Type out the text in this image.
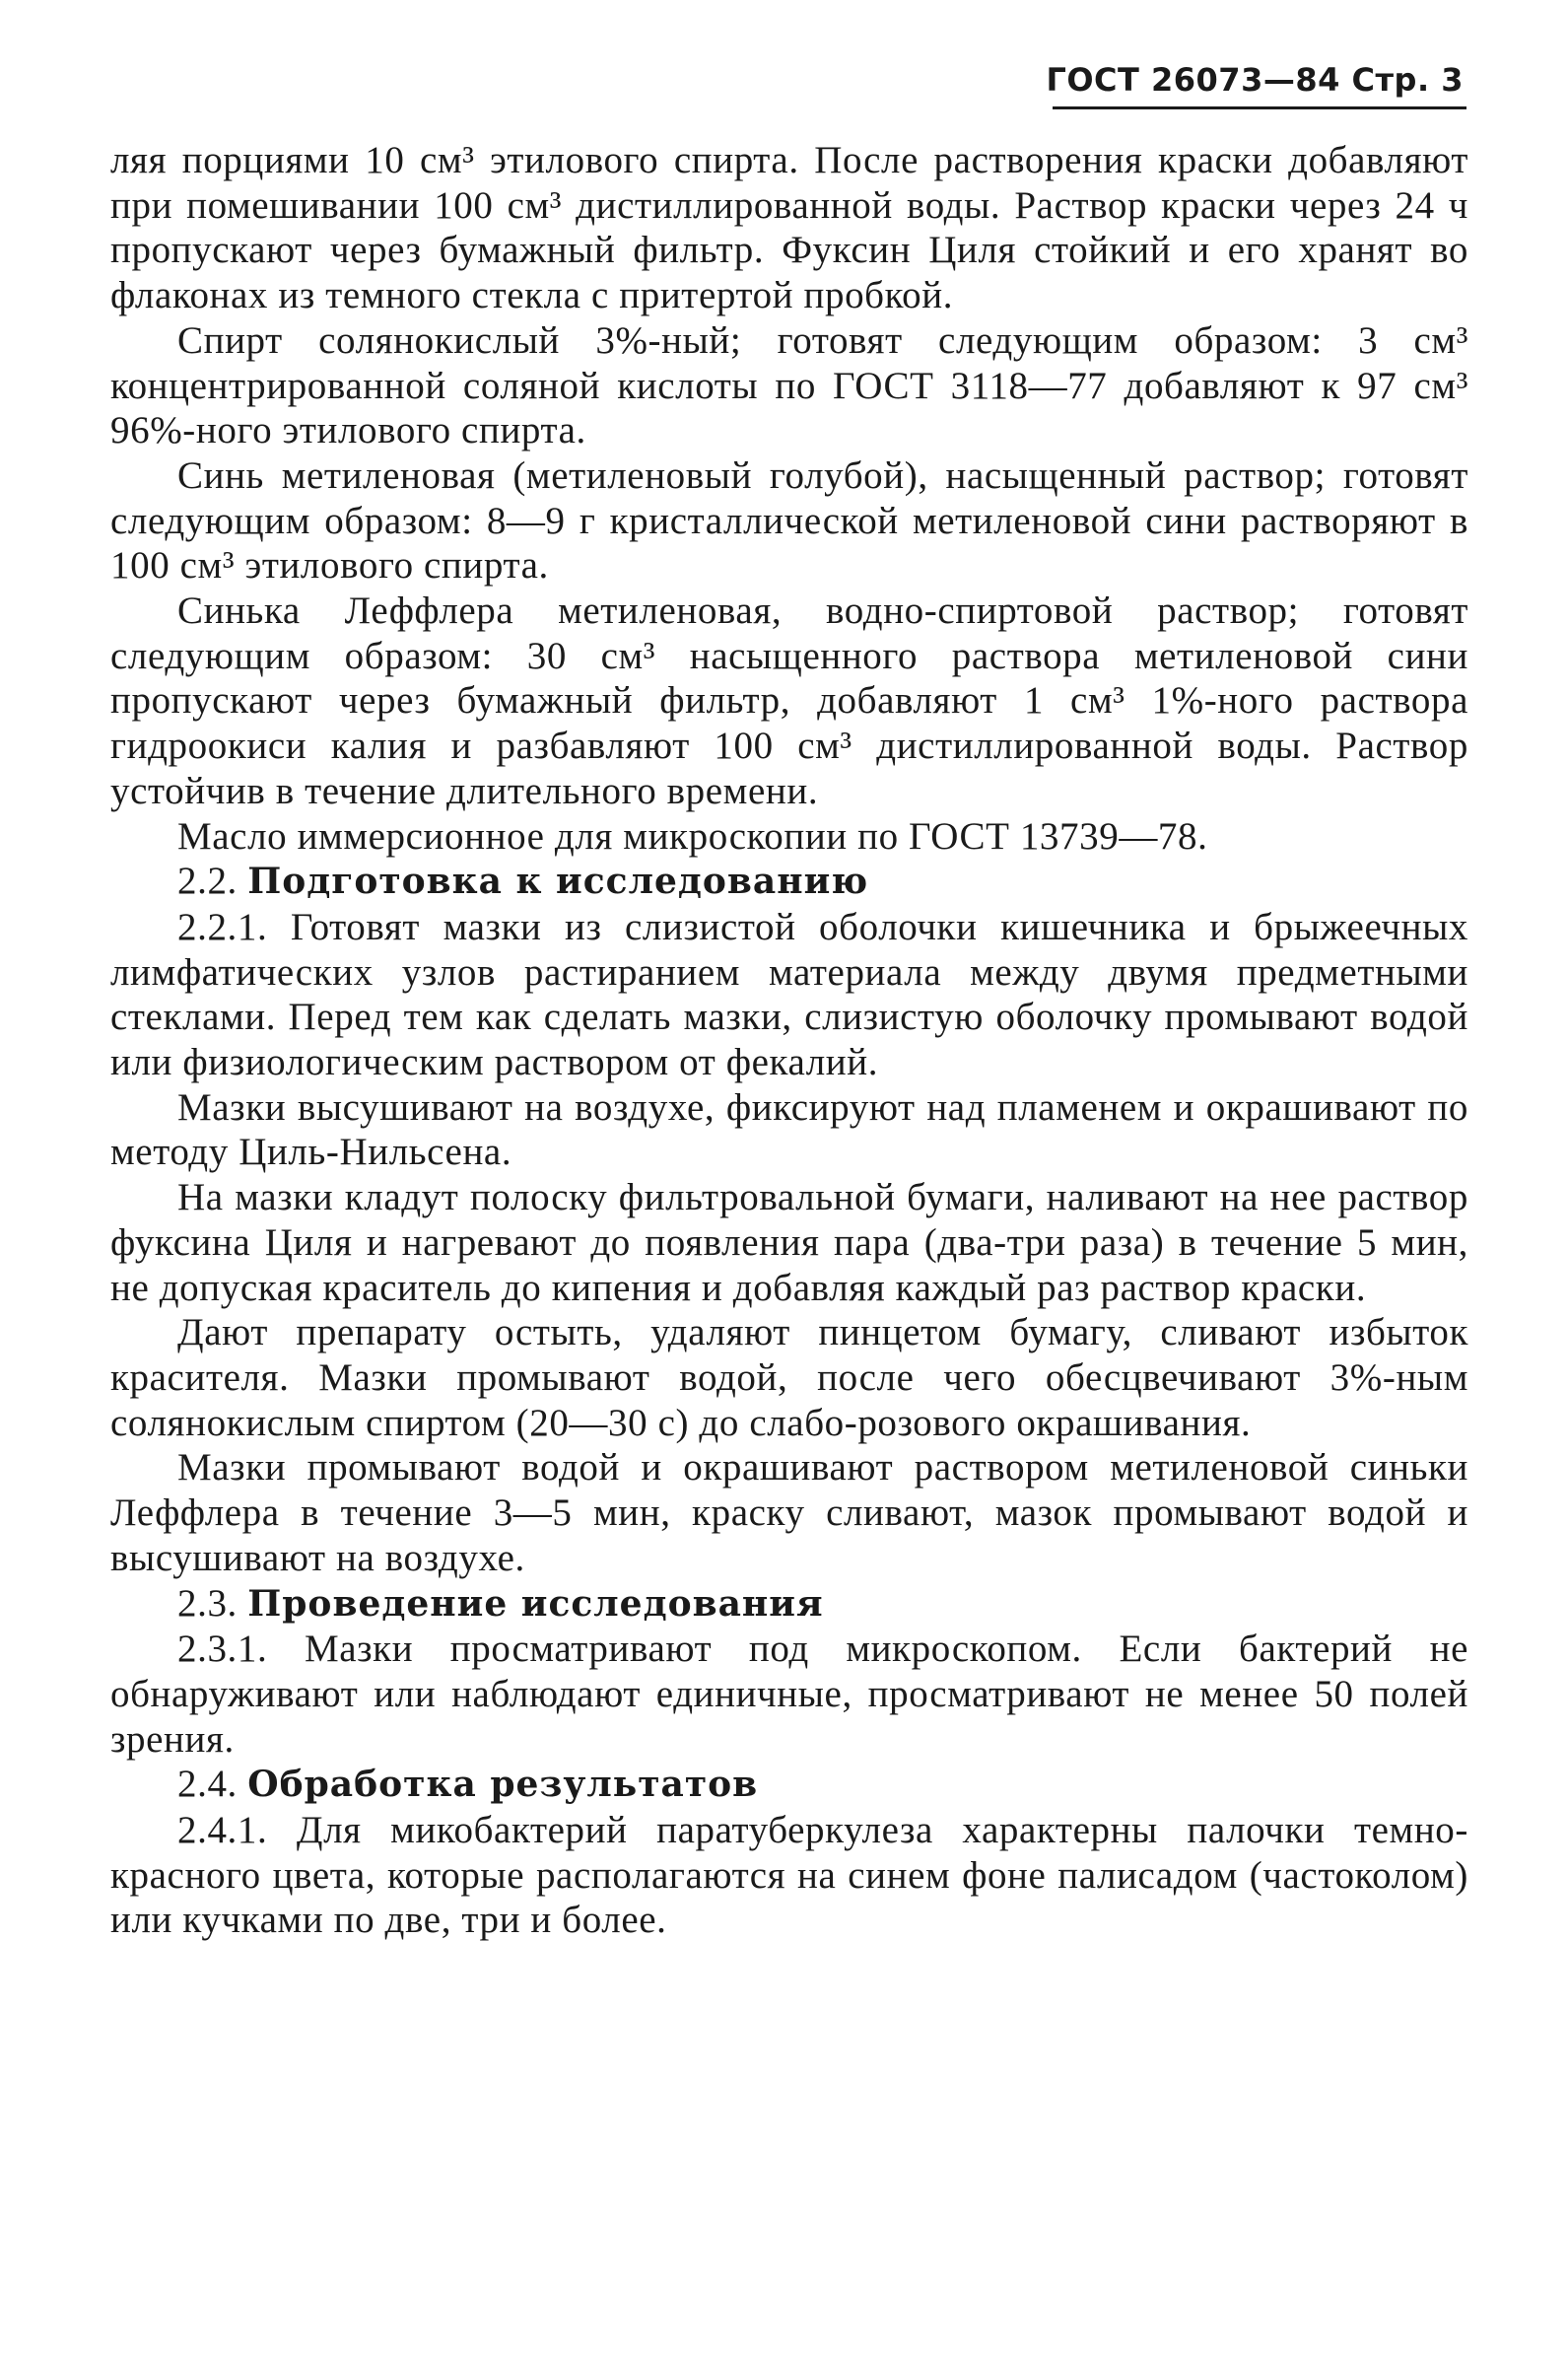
ГОСТ 26073—84 Стр. 3

ляя порциями 10 см³ этилового спирта. После растворения краски добавляют при помешивании 100 см³ дистиллированной воды. Раствор краски через 24 ч пропускают через бумажный фильтр. Фуксин Циля стойкий и его хранят во флаконах из темного стекла с притертой пробкой.

Спирт солянокислый 3%-ный; готовят следующим образом: 3 см³ концентрированной соляной кислоты по ГОСТ 3118—77 добавляют к 97 см³ 96%-ного этилового спирта.

Синь метиленовая (метиленовый голубой), насыщенный раствор; готовят следующим образом: 8—9 г кристаллической метиленовой сини растворяют в 100 см³ этилового спирта.

Синька Леффлера метиленовая, водно-спиртовой раствор; готовят следующим образом: 30 см³ насыщенного раствора метиленовой сини пропускают через бумажный фильтр, добавляют 1 см³ 1%-ного раствора гидроокиси калия и разбавляют 100 см³ дистиллированной воды. Раствор устойчив в течение длительного времени.

Масло иммерсионное для микроскопии по ГОСТ 13739—78.

2.2. Подготовка к исследованию

2.2.1. Готовят мазки из слизистой оболочки кишечника и брыжеечных лимфатических узлов растиранием материала между двумя предметными стеклами. Перед тем как сделать мазки, слизистую оболочку промывают водой или физиологическим раствором от фекалий.

Мазки высушивают на воздухе, фиксируют над пламенем и окрашивают по методу Циль-Нильсена.

На мазки кладут полоску фильтровальной бумаги, наливают на нее раствор фуксина Циля и нагревают до появления пара (два-три раза) в течение 5 мин, не допуская краситель до кипения и добавляя каждый раз раствор краски.

Дают препарату остыть, удаляют пинцетом бумагу, сливают избыток красителя. Мазки промывают водой, после чего обесцвечивают 3%-ным солянокислым спиртом (20—30 с) до слабо-розового окрашивания.

Мазки промывают водой и окрашивают раствором метиленовой синьки Леффлера в течение 3—5 мин, краску сливают, мазок промывают водой и высушивают на воздухе.

2.3. Проведение исследования

2.3.1. Мазки просматривают под микроскопом. Если бактерий не обнаруживают или наблюдают единичные, просматривают не менее 50 полей зрения.

2.4. Обработка результатов

2.4.1. Для микобактерий паратуберкулеза характерны палочки темно-красного цвета, которые располагаются на синем фоне палисадом (частоколом) или кучками по две, три и более.
